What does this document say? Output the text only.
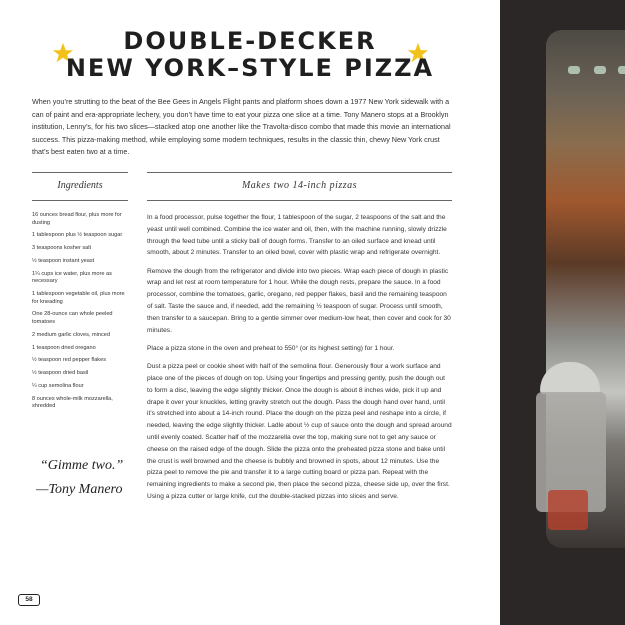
DOUBLE-DECKER
NEW YORK–STYLE PIZZA

When you’re strutting to the beat of the Bee Gees in Angels Flight pants and platform shoes down a 1977 New York sidewalk with a can of paint and era-appropriate lechery, you don’t have time to eat your pizza one slice at a time. Tony Manero stops at a Brooklyn institution, Lenny’s, for his two slices—stacked atop one another like the Travolta-disco combo that made this movie an international success. This pizza-making method, while employing some modern techniques, results in the classic thin, chewy New York crust that’s best eaten two at a time.

Ingredients	Makes two 14-inch pizzas
16 ounces bread flour, plus more for dusting
1 tablespoon plus ½ teaspoon sugar
3 teaspoons kosher salt
½ teaspoon instant yeast
1¼ cups ice water, plus more as necessary
1 tablespoon vegetable oil, plus more for kneading
One 28-ounce can whole peeled tomatoes
2 medium garlic cloves, minced
1 teaspoon dried oregano
½ teaspoon red pepper flakes
½ teaspoon dried basil
¼ cup semolina flour
8 ounces whole-milk mozzarella, shredded

In a food processor, pulse together the flour, 1 tablespoon of the sugar, 2 teaspoons of the salt and the yeast until well combined. Combine the ice water and oil, then, with the machine running, slowly drizzle through the feed tube until a sticky ball of dough forms. Transfer to an oiled surface and knead until smooth, about 2 minutes. Transfer to an oiled bowl, cover with plastic wrap and refrigerate overnight.

Remove the dough from the refrigerator and divide into two pieces. Wrap each piece of dough in plastic wrap and let rest at room temperature for 1 hour. While the dough rests, prepare the sauce. In a food processor, combine the tomatoes, garlic, oregano, red pepper flakes, basil and the remaining teaspoon of salt. Taste the sauce and, if needed, add the remaining ½ teaspoon of sugar. Process until smooth, then transfer to a saucepan. Bring to a gentle simmer over medium-low heat, then cover and cook for 30 minutes.

Place a pizza stone in the oven and preheat to 550° (or its highest setting) for 1 hour.

Dust a pizza peel or cookie sheet with half of the semolina flour. Generously flour a work surface and place one of the pieces of dough on top. Using your fingertips and pressing gently, push the dough out to form a disc, leaving the edge slightly thicker. Once the dough is about 8 inches wide, pick it up and drape it over your knuckles, letting gravity stretch out the dough. Pass the dough hand over hand, until it’s stretched into about a 14-inch round. Place the dough on the pizza peel and reshape into a circle, if needed, leaving the edge slightly thicker. Ladle about ½ cup of sauce onto the dough and spread around until evenly coated. Scatter half of the mozzarella over the top, making sure not to get any sauce or cheese on the raised edge of the dough. Slide the pizza onto the preheated pizza stone and bake until the crust is well browned and the cheese is bubbly and browned in spots, about 12 minutes. Use the pizza peel to remove the pie and transfer it to a large cutting board or pizza pan. Repeat with the remaining ingredients to make a second pie, then place the second pizza, cheese side up, over the first. Using a pizza cutter or large knife, cut the double-stacked pizzas into slices and serve.

“Gimme two.”
—Tony Manero
58
